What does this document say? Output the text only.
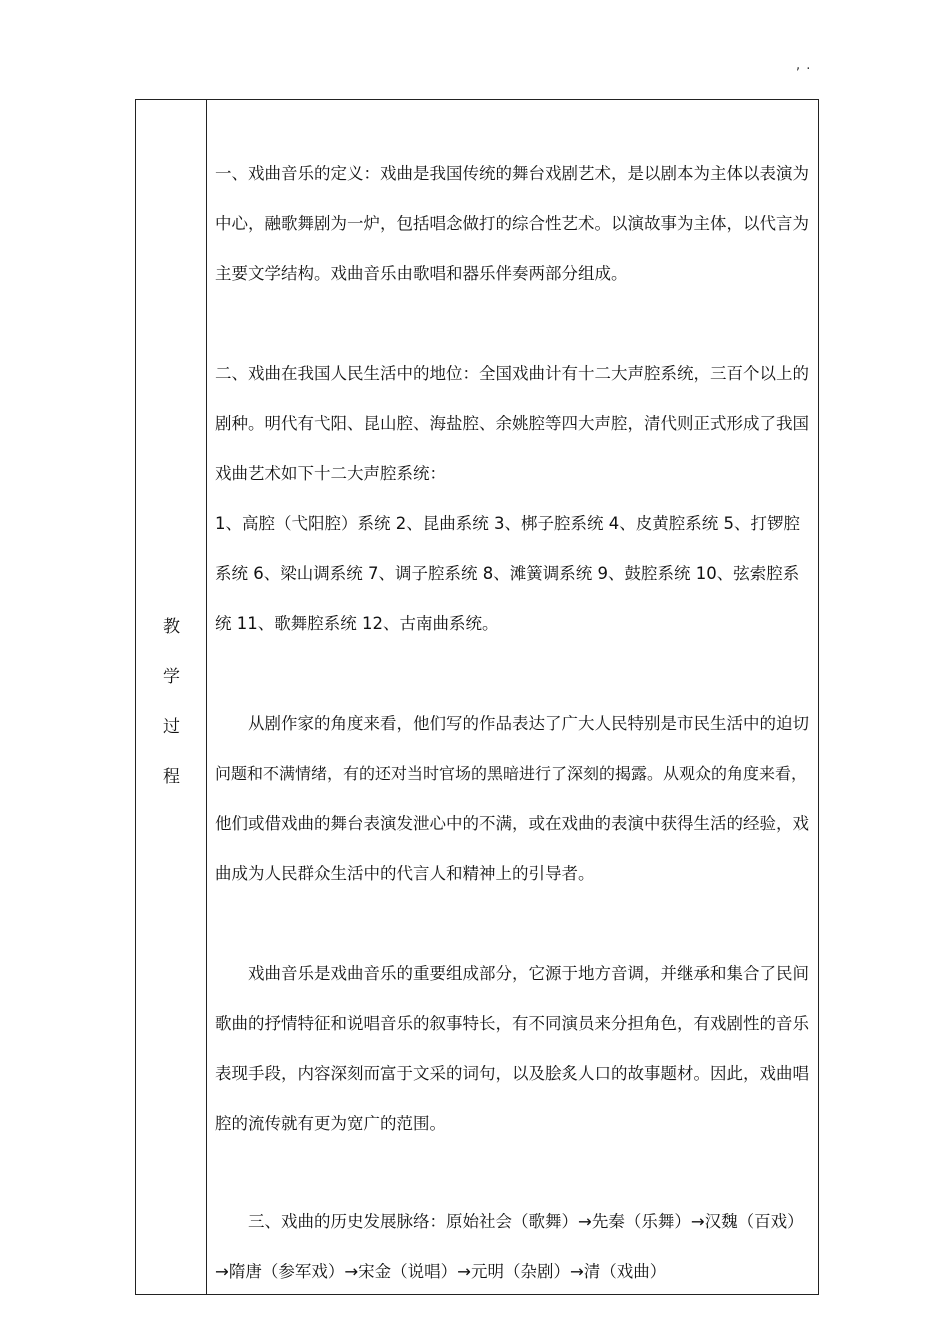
, .
教
学
过
程
一、戏曲音乐的定义：戏曲是我国传统的舞台戏剧艺术，是以剧本为主体以表演为
中心，融歌舞剧为一炉，包括唱念做打的综合性艺术。以演故事为主体，以代言为
主要文学结构。戏曲音乐由歌唱和器乐伴奏两部分组成。
二、戏曲在我国人民生活中的地位：全国戏曲计有十二大声腔系统，三百个以上的
剧种。明代有弋阳、昆山腔、海盐腔、余姚腔等四大声腔，清代则正式形成了我国
戏曲艺术如下十二大声腔系统：
1、高腔（弋阳腔）系统 2、昆曲系统 3、梆子腔系统 4、皮黄腔系统 5、打锣腔
系统 6、梁山调系统 7、调子腔系统 8、滩簧调系统 9、鼓腔系统 10、弦索腔系
统 11、歌舞腔系统 12、古南曲系统。
　　从剧作家的角度来看，他们写的作品表达了广大人民特别是市民生活中的迫切
问题和不满情绪，有的还对当时官场的黑暗进行了深刻的揭露。从观众的角度来看，
他们或借戏曲的舞台表演发泄心中的不满，或在戏曲的表演中获得生活的经验，戏
曲成为人民群众生活中的代言人和精神上的引导者。
　　戏曲音乐是戏曲音乐的重要组成部分，它源于地方音调，并继承和集合了民间
歌曲的抒情特征和说唱音乐的叙事特长，有不同演员来分担角色，有戏剧性的音乐
表现手段，内容深刻而富于文采的词句，以及脍炙人口的故事题材。因此，戏曲唱
腔的流传就有更为宽广的范围。
　　三、戏曲的历史发展脉络：原始社会（歌舞）→先秦（乐舞）→汉魏（百戏）
→隋唐（参军戏）→宋金（说唱）→元明（杂剧）→清（戏曲）
